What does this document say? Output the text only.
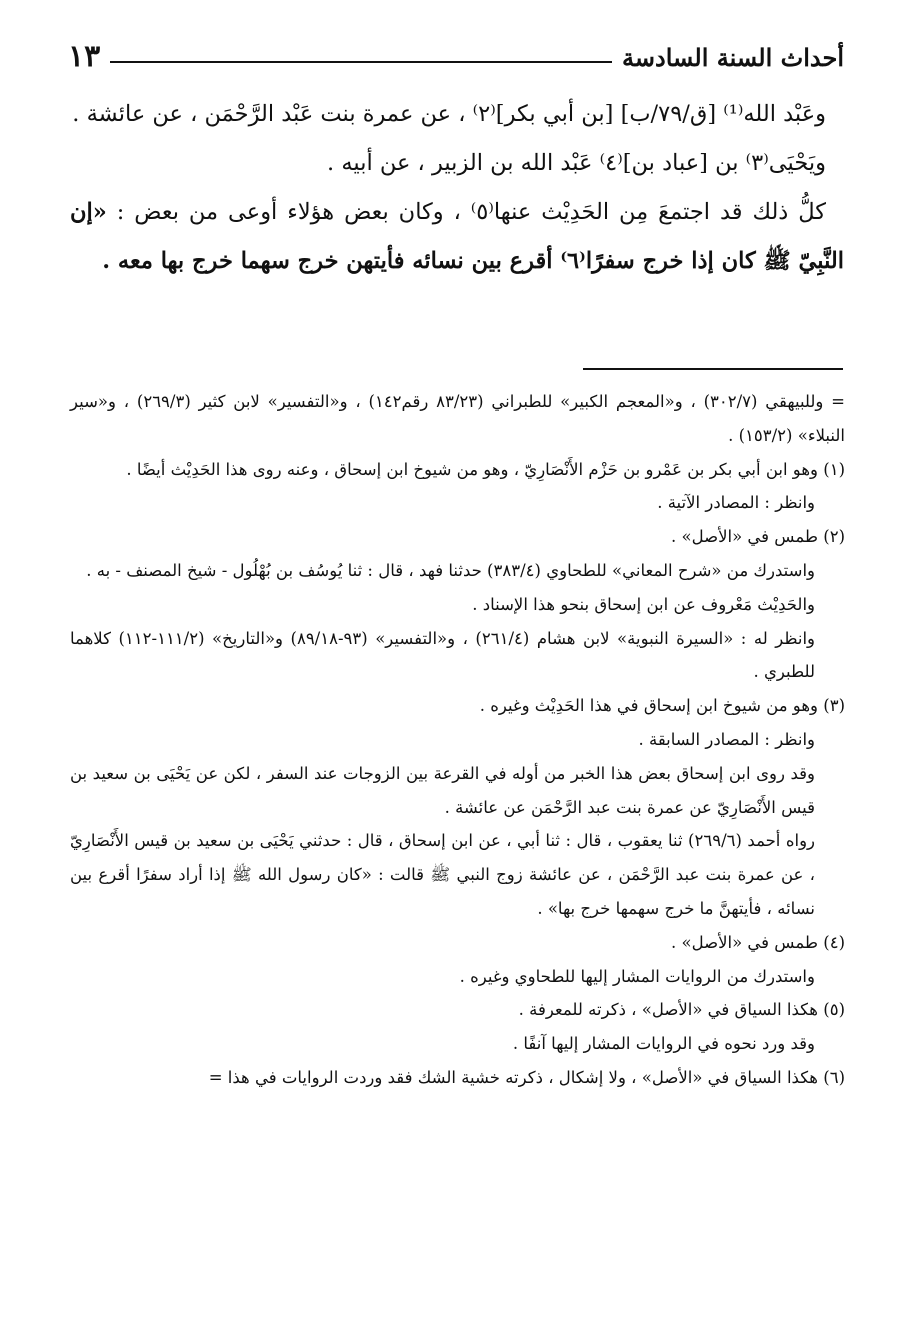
أحداث السنة السادسة
١٣

وعَبْد الله⁽¹⁾ [ق/٧٩/ب] [بن أبي بكر]⁽٢⁾ ، عن عمرة بنت عَبْد الرَّحْمَن ، عن عائشة .

ويَحْيَى⁽٣⁾ بن [عباد بن]⁽٤⁾ عَبْد الله بن الزبير ، عن أبيه .

كلُّ ذلك قد اجتمعَ مِن الحَدِيْث عنها⁽٥⁾ ، وكان بعض هؤلاء أوعى من بعض : «إن النَّبِيّ ﷺ كان إذا خرج سفرًا⁽٦⁾ أقرع بين نسائه فأيتهن خرج سهما خرج بها معه .

= وللبيهقي (٣٠٢/٧) ، و«المعجم الكبير» للطبراني (٨٣/٢٣ رقم١٤٢) ، و«التفسير» لابن كثير (٢٦٩/٣) ، و«سير النبلاء» (١٥٣/٢) .

(١) وهو ابن أبي بكر بن عَمْرو بن حَزْم الأَنْصَارِيّ ، وهو من شيوخ ابن إسحاق ، وعنه روى هذا الحَدِيْث أيضًا .

وانظر : المصادر الآتية .

(٢) طمس في «الأصل» .

واستدرك من «شرح المعاني» للطحاوي (٣٨٣/٤) حدثنا فهد ، قال : ثنا يُوسُف بن بُهْلُول - شيخ المصنف - به .

والحَدِيْث مَعْروف عن ابن إسحاق بنحو هذا الإسناد .

وانظر له : «السيرة النبوية» لابن هشام (٢٦١/٤) ، و«التفسير» (٩٣-٨٩/١٨) و«التاريخ» (١١١/٢-١١٢) كلاهما للطبري .

(٣) وهو من شيوخ ابن إسحاق في هذا الحَدِيْث وغيره .

وانظر : المصادر السابقة .

وقد روى ابن إسحاق بعض هذا الخبر من أوله في القرعة بين الزوجات عند السفر ، لكن عن يَحْيَى بن سعيد بن قيس الأَنْصَارِيّ عن عمرة بنت عبد الرَّحْمَن عن عائشة .

رواه أحمد (٢٦٩/٦) ثنا يعقوب ، قال : ثنا أبي ، عن ابن إسحاق ، قال : حدثني يَحْيَى بن سعيد بن قيس الأَنْصَارِيّ ، عن عمرة بنت عبد الرَّحْمَن ، عن عائشة زوج النبي ﷺ قالت : «كان رسول الله ﷺ إذا أراد سفرًا أقرع بين نسائه ، فأيتهنَّ ما خرج سهمها خرج بها» .

(٤) طمس في «الأصل» .

واستدرك من الروايات المشار إليها للطحاوي وغيره .

(٥) هكذا السياق في «الأصل» ، ذكرته للمعرفة .

وقد ورد نحوه في الروايات المشار إليها آنفًا .

(٦) هكذا السياق في «الأصل» ، ولا إشكال ، ذكرته خشية الشك فقد وردت الروايات في هذا =
